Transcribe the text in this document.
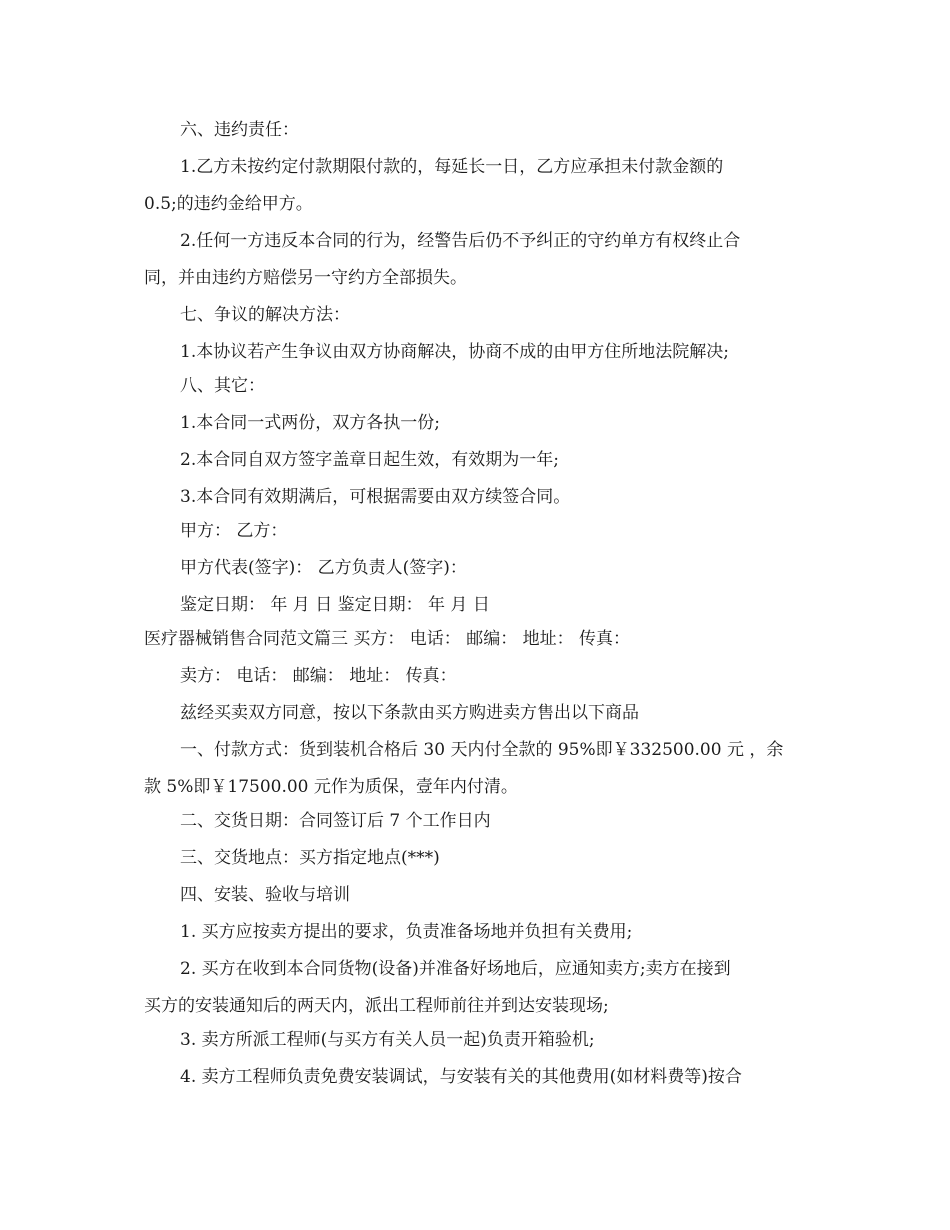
六、违约责任：
1.乙方未按约定付款期限付款的，每延长一日，乙方应承担未付款金额的
0.5;的违约金给甲方。
2.任何一方违反本合同的行为，经警告后仍不予纠正的守约单方有权终止合
同，并由违约方赔偿另一守约方全部损失。
七、争议的解决方法：
1.本协议若产生争议由双方协商解决，协商不成的由甲方住所地法院解决;
八、其它：
1.本合同一式两份，双方各执一份;
2.本合同自双方签字盖章日起生效，有效期为一年;
3.本合同有效期满后，可根据需要由双方续签合同。
甲方： 乙方：
甲方代表(签字)： 乙方负责人(签字)：
鉴定日期： 年 月 日 鉴定日期： 年 月 日
医疗器械销售合同范文篇三 买方： 电话： 邮编： 地址： 传真：
卖方： 电话： 邮编： 地址： 传真：
兹经买卖双方同意，按以下条款由买方购进卖方售出以下商品
一、付款方式：货到装机合格后 30 天内付全款的 95%即￥332500.00 元 ，余
款 5%即￥17500.00 元作为质保，壹年内付清。
二、交货日期：合同签订后 7 个工作日内
三、交货地点：买方指定地点(***)
四、安装、验收与培训
1. 买方应按卖方提出的要求，负责准备场地并负担有关费用;
2. 买方在收到本合同货物(设备)并准备好场地后，应通知卖方;卖方在接到
买方的安装通知后的两天内，派出工程师前往并到达安装现场;
3. 卖方所派工程师(与买方有关人员一起)负责开箱验机;
4. 卖方工程师负责免费安装调试，与安装有关的其他费用(如材料费等)按合
